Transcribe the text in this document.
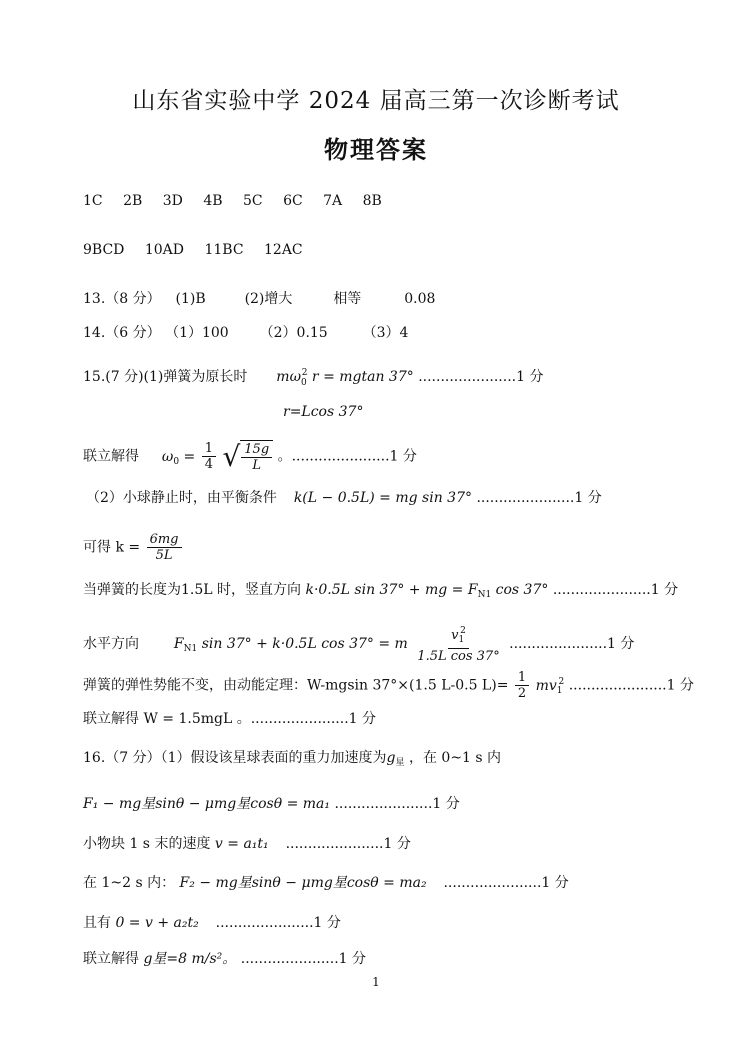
山东省实验中学 2024 届高三第一次诊断考试
物理答案
1C 2B 3D 4B 5C 6C 7A 8B
9BCD 10AD 11BC 12AC
13.（8 分） (1)B	(2)增大	相等	0.08
14.（6 分） （1）100 （2）0.15 （3）4
15.(7 分)(1)弹簧为原长时 $m\omega_0^2$ r = mgtan 37° ......................1 分
r=Lcos 37°
联立解得 $\omega_0 = \frac{1}{4}$
√ $\frac{15g}{L}$ 。......................1 分
（2）小球静止时，由平衡条件 k(L − 0.5L) = mg sin 37° ......................1 分
可得 $k = \frac{6mg}{5L}$
当弹簧的长度为1.5L 时，竖直方向 k·0.5L sin 37° + mg = $F_{N1}$ cos 37° ......................1 分
水平方向 $F_{N1}$ sin 37° + k·0.5L cos 37° = m $\frac{v_1^2}{\text{1.5L cos 37°}} ......................1$ 分
弹簧的弹性势能不变，由动能定理：W-mgsin 37°×(1.5 L-0.5 $L)= \frac{1}{2} mv_1^2$ ......................1 分
联立解得 W = 1.5mgL 。......................1 分
16.（7 分）（1）假设该星球表面的重力加速度为$g_星$ ，在 0~1 s 内
F₁ − mg星sinθ − μmg星cosθ = ma₁ ......................1 分
小物块 1 s 末的速度 v = a₁t₁ ......................1 分
在 1~2 s 内： F₂ − mg星sinθ − μmg星cosθ = ma₂ ......................1 分
且有 0 = v + a₂t₂ ......................1 分
联立解得 g星=8 m/s²。 ......................1 分
1
